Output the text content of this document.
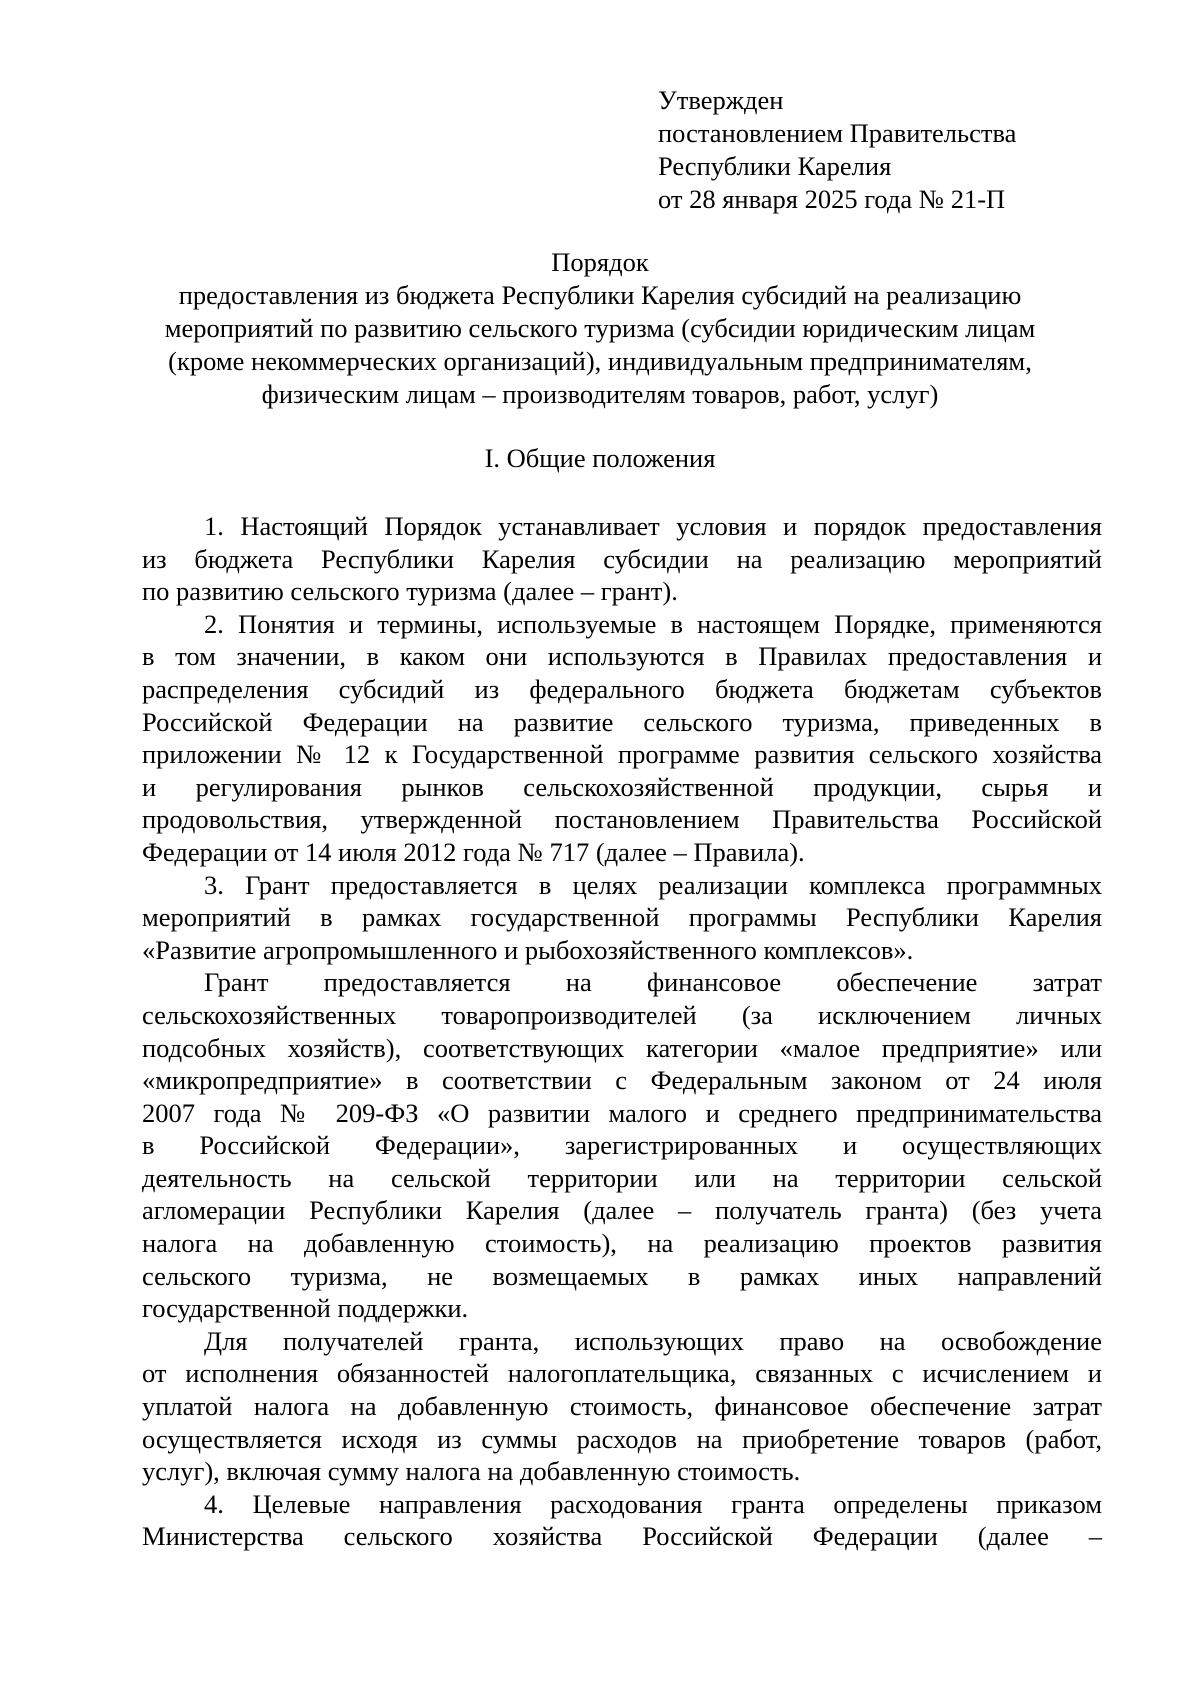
Утвержден
постановлением Правительства
Республики Карелия
от 28 января 2025 года № 21-П
Порядок
предоставления из бюджета Республики Карелия субсидий на реализацию
мероприятий по развитию сельского туризма (субсидии юридическим лицам
(кроме некоммерческих организаций), индивидуальным предпринимателям,
физическим лицам – производителям товаров, работ, услуг)
I. Общие положения
1. Настоящий Порядок устанавливает условия и порядок предоставления
из бюджета Республики Карелия субсидии на реализацию мероприятий
по развитию сельского туризма (далее – грант).
2. Понятия и термины, используемые в настоящем Порядке, применяются
в том значении, в каком они используются в Правилах предоставления и
распределения субсидий из федерального бюджета бюджетам субъектов
Российской Федерации на развитие сельского туризма, приведенных в
приложении № 12 к Государственной программе развития сельского хозяйства
и регулирования рынков сельскохозяйственной продукции, сырья и
продовольствия, утвержденной постановлением Правительства Российской
Федерации от 14 июля 2012 года № 717 (далее – Правила).
3. Грант предоставляется в целях реализации комплекса программных
мероприятий в рамках государственной программы Республики Карелия
«Развитие агропромышленного и рыбохозяйственного комплексов».
Грант предоставляется на финансовое обеспечение затрат
сельскохозяйственных товаропроизводителей (за исключением личных
подсобных хозяйств), соответствующих категории «малое предприятие» или
«микропредприятие» в соответствии с Федеральным законом от 24 июля
2007 года № 209-ФЗ «О развитии малого и среднего предпринимательства
в Российской Федерации», зарегистрированных и осуществляющих
деятельность на сельской территории или на территории сельской
агломерации Республики Карелия (далее – получатель гранта) (без учета
налога на добавленную стоимость), на реализацию проектов развития
сельского туризма, не возмещаемых в рамках иных направлений
государственной поддержки.
Для получателей гранта, использующих право на освобождение
от исполнения обязанностей налогоплательщика, связанных с исчислением и
уплатой налога на добавленную стоимость, финансовое обеспечение затрат
осуществляется исходя из суммы расходов на приобретение товаров (работ,
услуг), включая сумму налога на добавленную стоимость.
4. Целевые направления расходования гранта определены приказом
Министерства сельского хозяйства Российской Федерации (далее –
